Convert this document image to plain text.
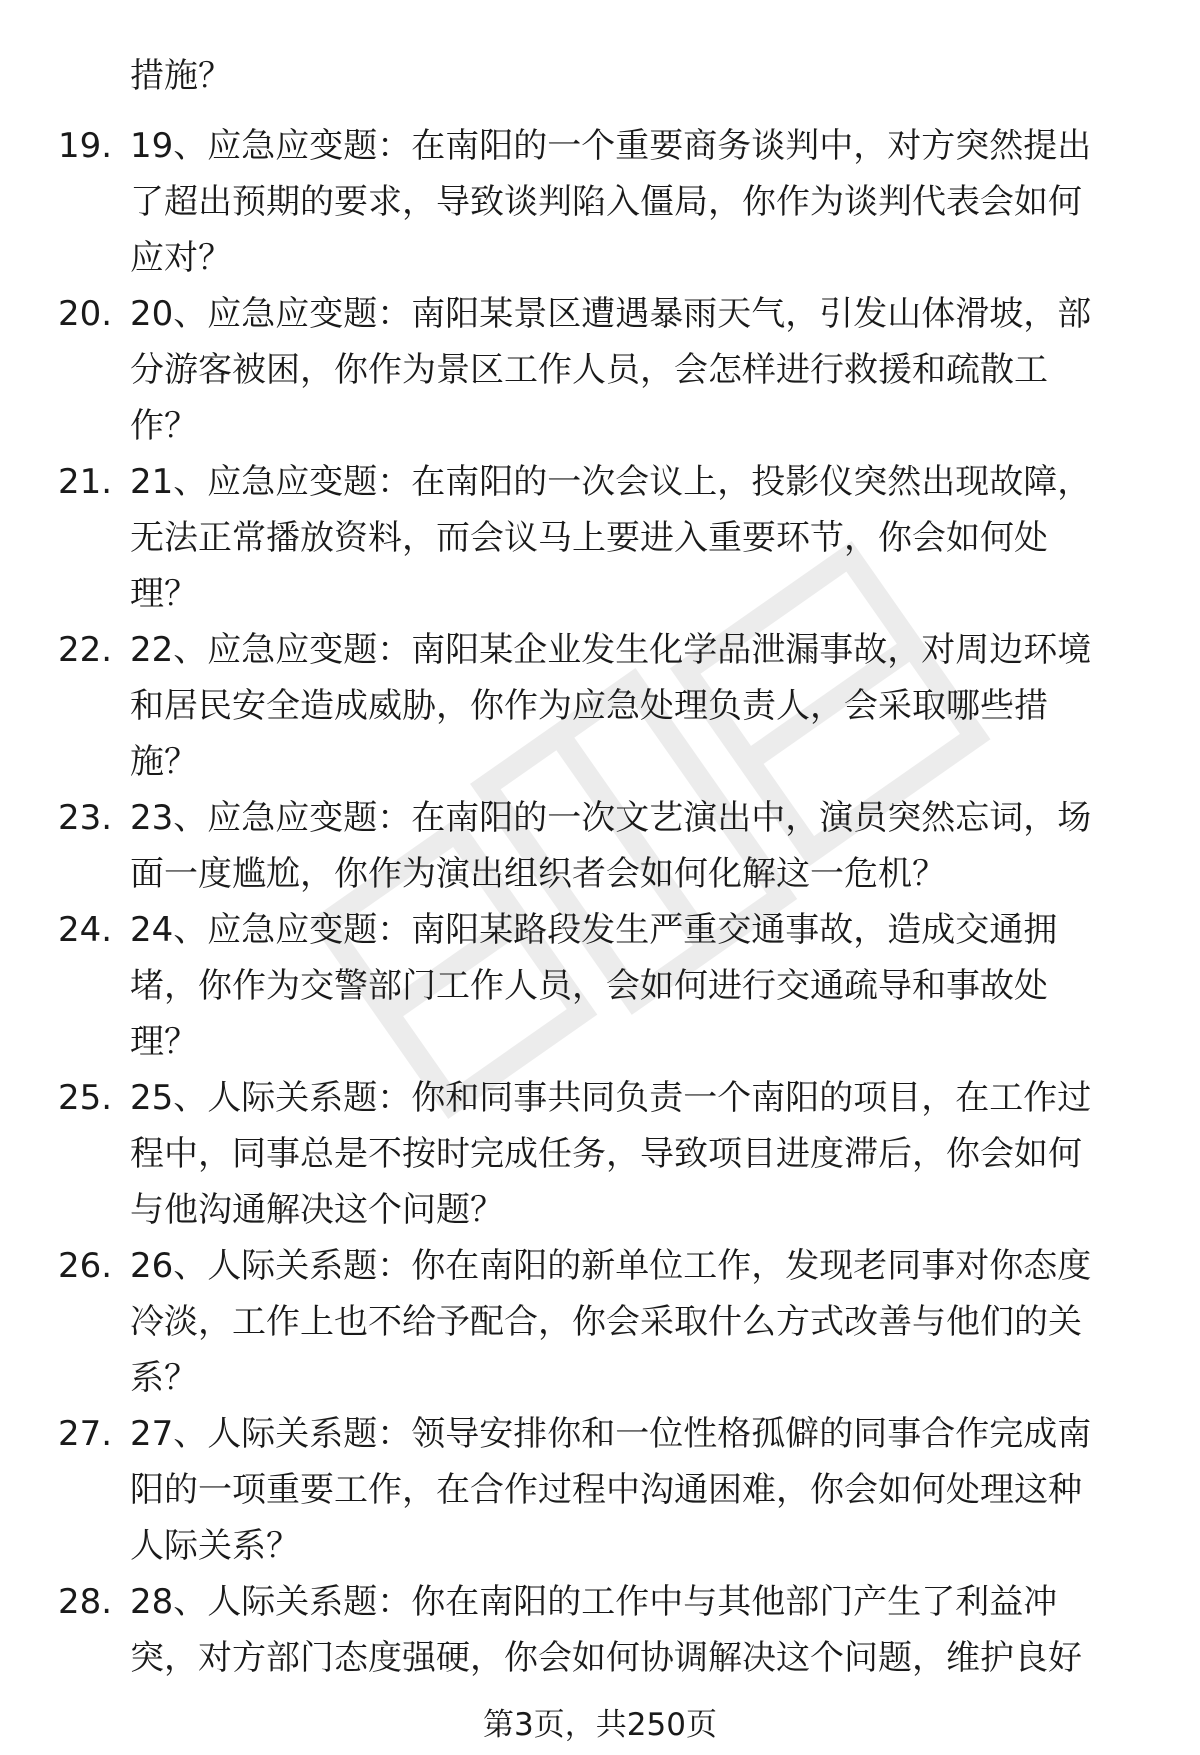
措施？
19. 19、应急应变题：在南阳的一个重要商务谈判中，对方突然提出
了超出预期的要求，导致谈判陷入僵局，你作为谈判代表会如何
应对？
20. 20、应急应变题：南阳某景区遭遇暴雨天气，引发山体滑坡，部
分游客被困，你作为景区工作人员，会怎样进行救援和疏散工
作？
21. 21、应急应变题：在南阳的一次会议上，投影仪突然出现故障，
无法正常播放资料，而会议马上要进入重要环节，你会如何处
理？
22. 22、应急应变题：南阳某企业发生化学品泄漏事故，对周边环境
和居民安全造成威胁，你作为应急处理负责人，会采取哪些措
施？
23. 23、应急应变题：在南阳的一次文艺演出中，演员突然忘词，场
面一度尴尬，你作为演出组织者会如何化解这一危机？
24. 24、应急应变题：南阳某路段发生严重交通事故，造成交通拥
堵，你作为交警部门工作人员，会如何进行交通疏导和事故处
理？
25. 25、人际关系题：你和同事共同负责一个南阳的项目，在工作过
程中，同事总是不按时完成任务，导致项目进度滞后，你会如何
与他沟通解决这个问题？
26. 26、人际关系题：你在南阳的新单位工作，发现老同事对你态度
冷淡，工作上也不给予配合，你会采取什么方式改善与他们的关
系？
27. 27、人际关系题：领导安排你和一位性格孤僻的同事合作完成南
阳的一项重要工作，在合作过程中沟通困难，你会如何处理这种
人际关系？
28. 28、人际关系题：你在南阳的工作中与其他部门产生了利益冲
突，对方部门态度强硬，你会如何协调解决这个问题，维护良好
第3页，共250页
